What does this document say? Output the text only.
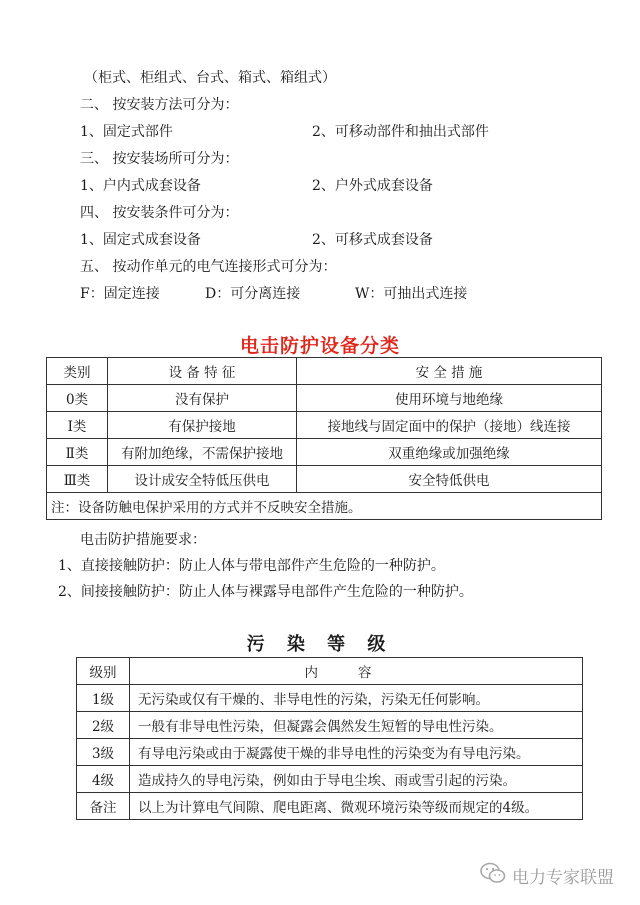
（柜式、柜组式、台式、箱式、箱组式）
二、 按安装方法可分为：
1、固定式部件	2、可移动部件和抽出式部件
三、 按安装场所可分为：
1、户内式成套设备	2、户外式成套设备
四、 按安装条件可分为：
1、固定式成套设备	2、可移式成套设备
五、 按动作单元的电气连接形式可分为：
F：固定连接	D：可分离连接	W：可抽出式连接
电击防护设备分类
类别	设 备 特 征	安 全 措 施
0类	没有保护	使用环境与地绝缘
Ⅰ类	有保护接地	接地线与固定面中的保护（接地）线连接
Ⅱ类	有附加绝缘，不需保护接地	双重绝缘或加强绝缘
Ⅲ类	设计成安全特低压供电	安全特低供电
注：设备防触电保护采用的方式并不反映安全措施。		
电击防护措施要求：
1、直接接触防护：防止人体与带电部件产生危险的一种防护。
2、间接接触防护：防止人体与裸露导电部件产生危险的一种防护。
污 染 等 级
级别	内容
1级	无污染或仅有干燥的、非导电性的污染，污染无任何影响。
2级	一般有非导电性污染，但凝露会偶然发生短暂的导电性污染。
3级	有导电污染或由于凝露使干燥的非导电性的污染变为有导电污染。
4级	造成持久的导电污染，例如由于导电尘埃、雨或雪引起的污染。
备注	以上为计算电气间隙、爬电距离、微观环境污染等级而规定的4级。
电力专家联盟
